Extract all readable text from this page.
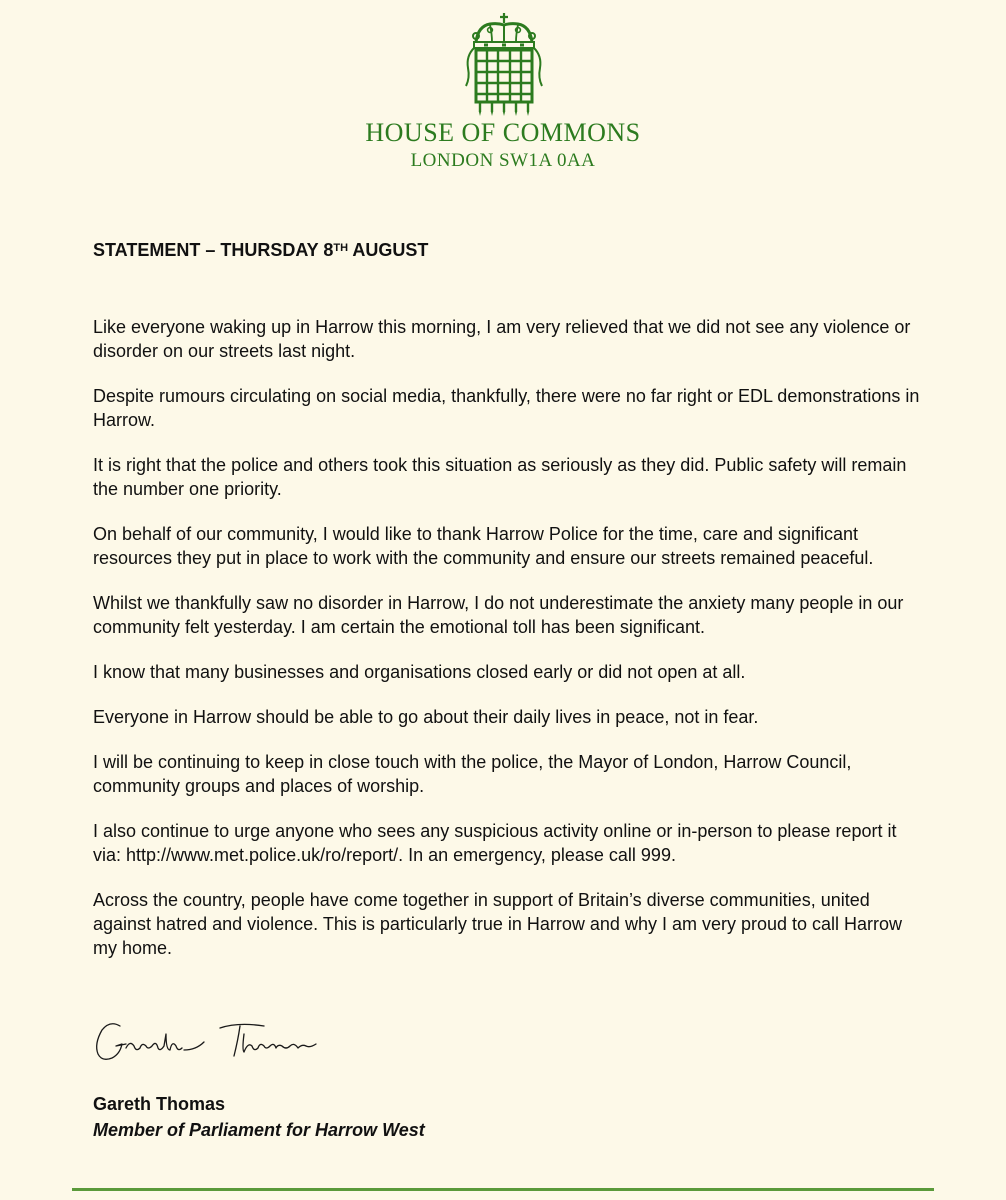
HOUSE OF COMMONS
LONDON SW1A 0AA
STATEMENT – THURSDAY 8TH AUGUST

Like everyone waking up in Harrow this morning, I am very relieved that we did not see any violence or disorder on our streets last night.

Despite rumours circulating on social media, thankfully, there were no far right or EDL demonstrations in Harrow.

It is right that the police and others took this situation as seriously as they did. Public safety will remain the number one priority.

On behalf of our community, I would like to thank Harrow Police for the time, care and significant resources they put in place to work with the community and ensure our streets remained peaceful.

Whilst we thankfully saw no disorder in Harrow, I do not underestimate the anxiety many people in our community felt yesterday. I am certain the emotional toll has been significant.

I know that many businesses and organisations closed early or did not open at all.

Everyone in Harrow should be able to go about their daily lives in peace, not in fear.

I will be continuing to keep in close touch with the police, the Mayor of London, Harrow Council, community groups and places of worship.

I also continue to urge anyone who sees any suspicious activity online or in-person to please report it via: http://www.met.police.uk/ro/report/. In an emergency, please call 999.

Across the country, people have come together in support of Britain’s diverse communities, united against hatred and violence. This is particularly true in Harrow and why I am very proud to call Harrow my home.

Gareth Thomas
Member of Parliament for Harrow West
